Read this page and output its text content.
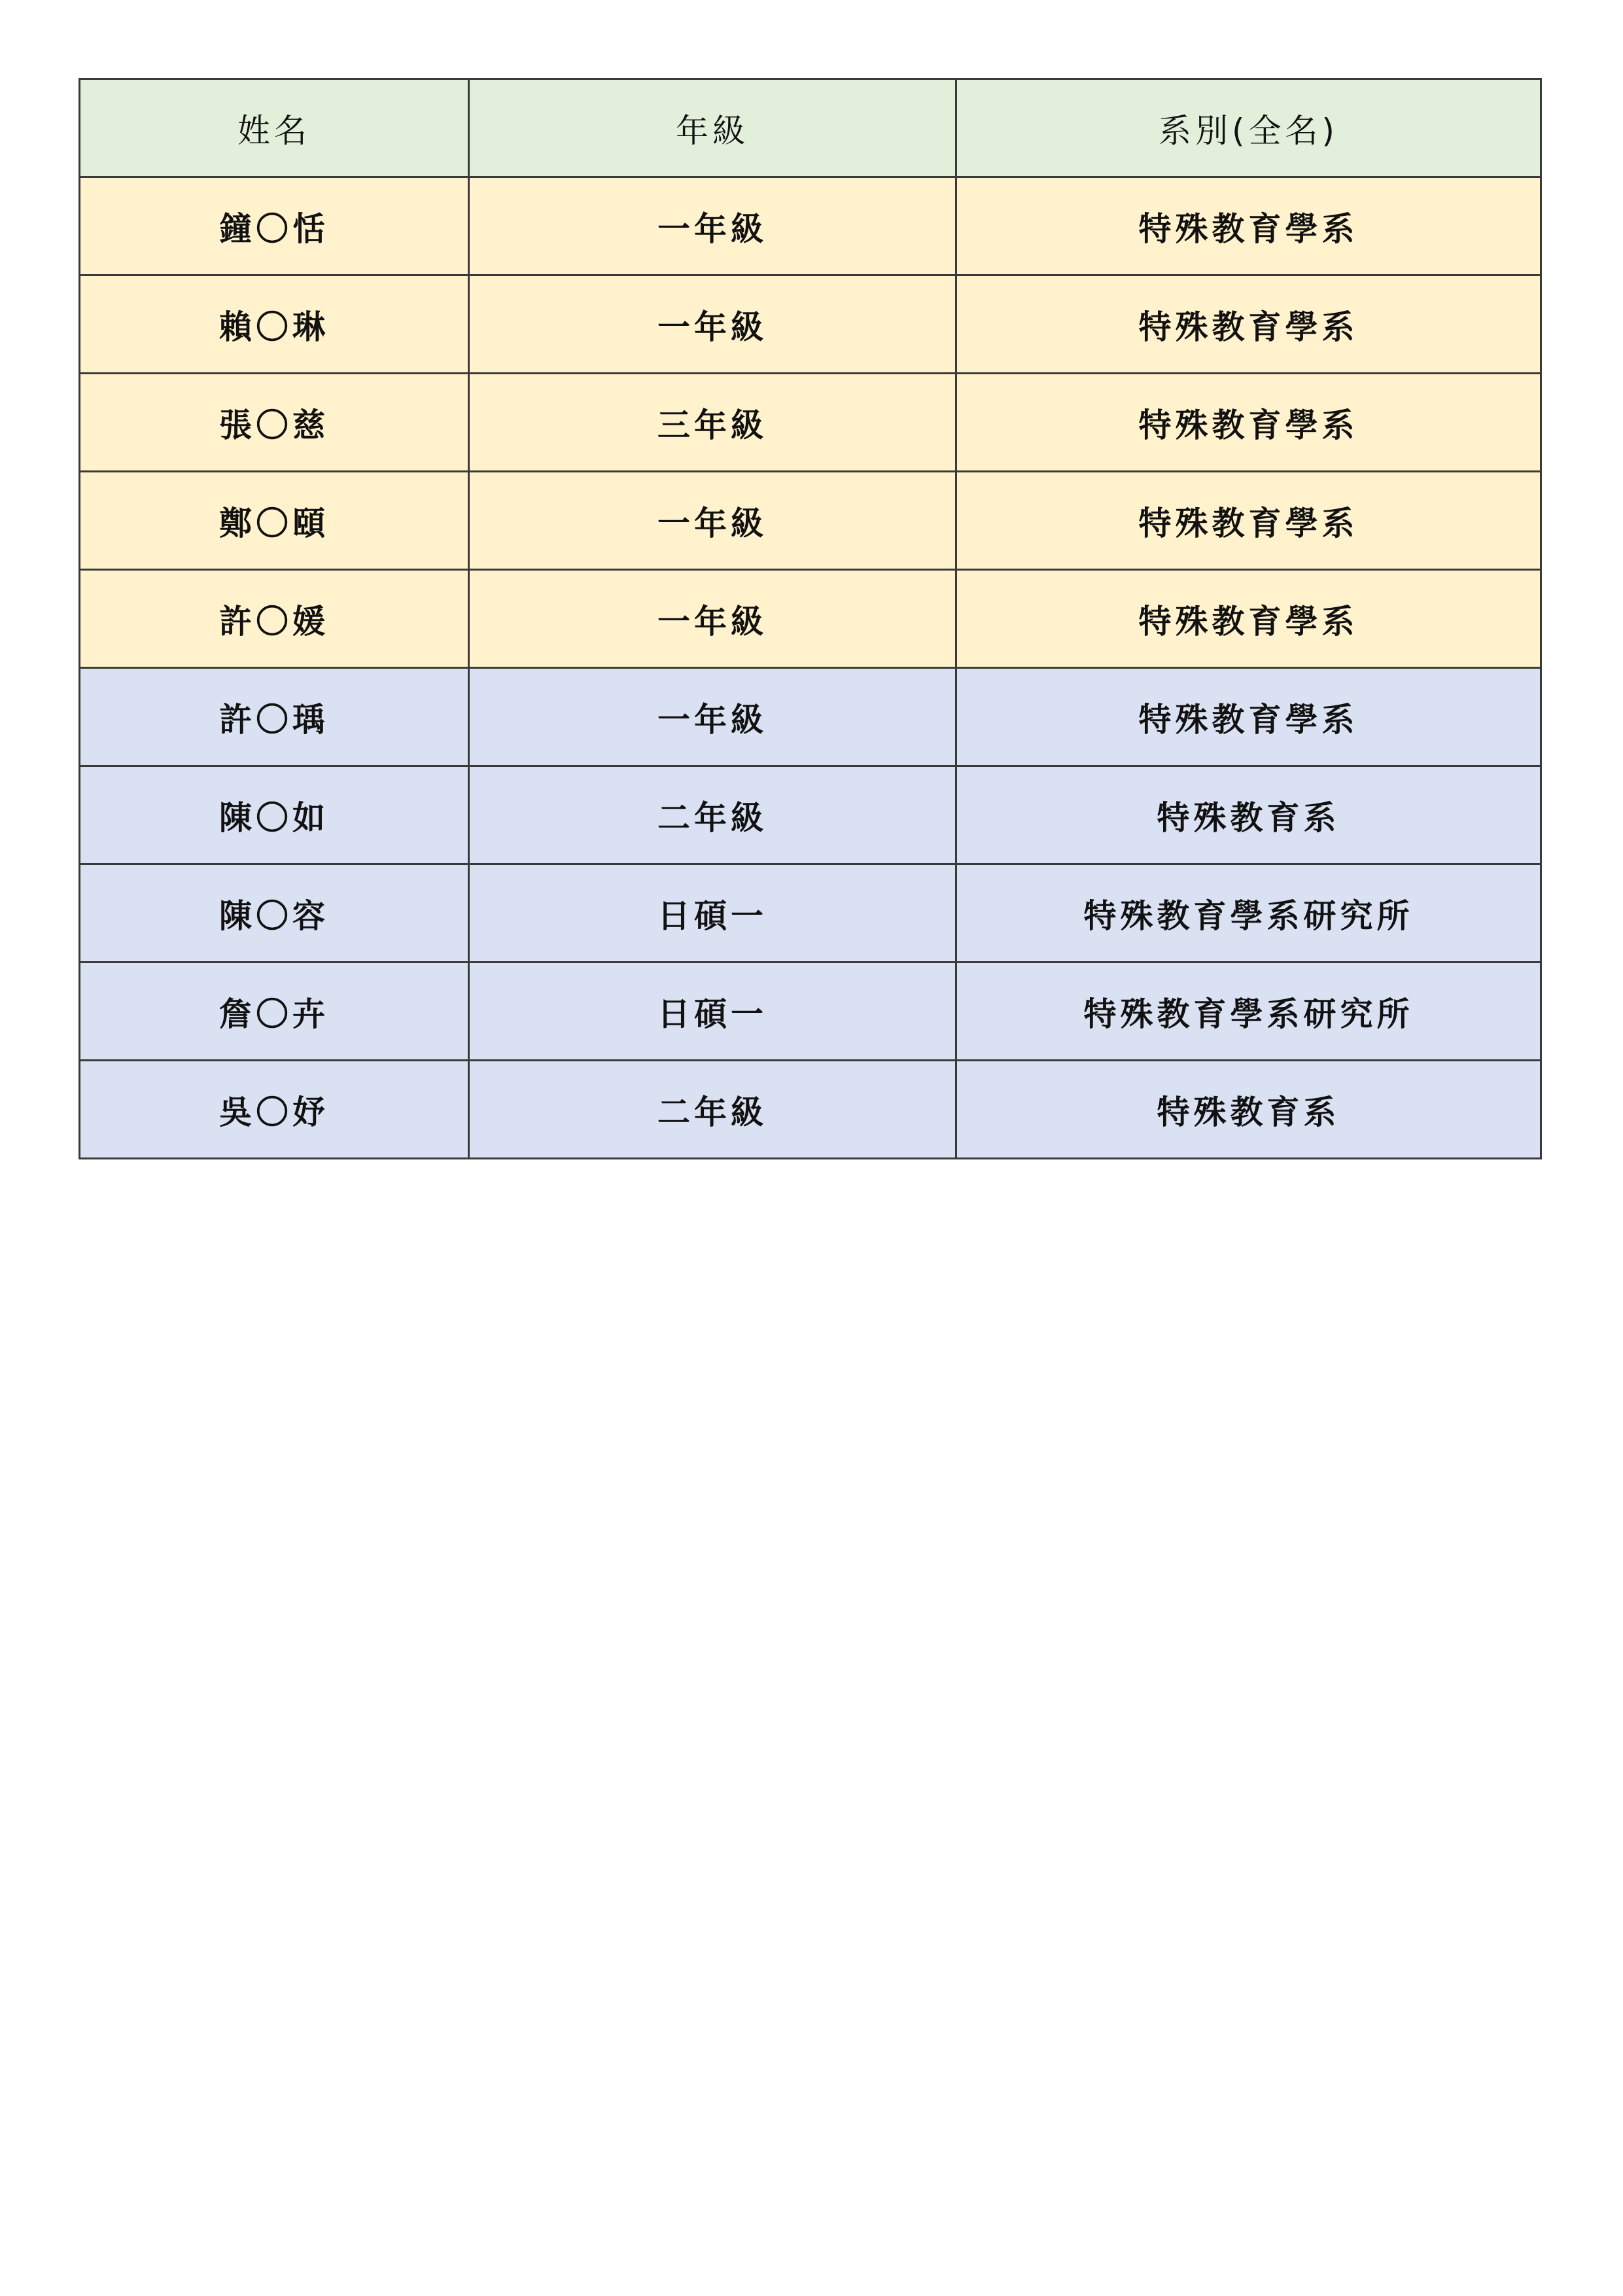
姓名	年級	系別(全名)
鐘〇恬	一年級	特殊教育學系
賴〇琳	一年級	特殊教育學系
張〇慈	三年級	特殊教育學系
鄭〇頤	一年級	特殊教育學系
許〇媛	一年級	特殊教育學系
許〇瑀	一年級	特殊教育學系
陳〇如	二年級	特殊教育系
陳〇容	日碩一	特殊教育學系研究所
詹〇卉	日碩一	特殊教育學系研究所
吳〇妤	二年級	特殊教育系
